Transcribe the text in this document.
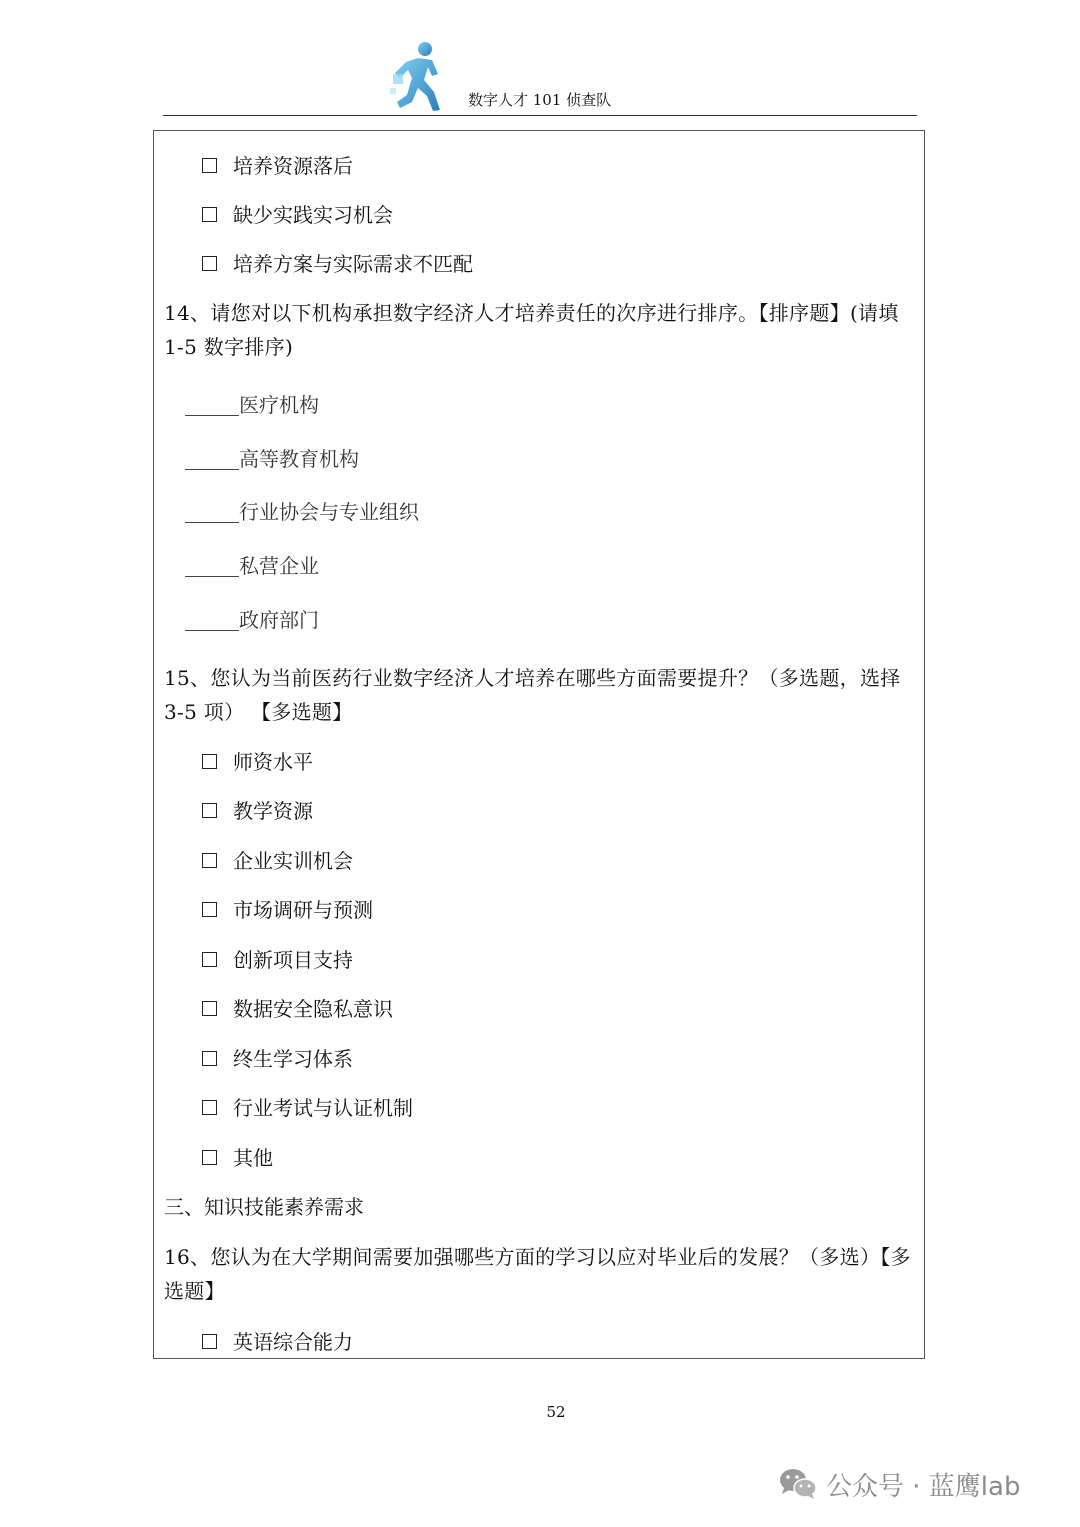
数字人才 101 侦查队
培养资源落后
缺少实践实习机会
培养方案与实际需求不匹配
14、请您对以下机构承担数字经济人才培养责任的次序进行排序。【排序题】(请填 1-5 数字排序)
医疗机构
高等教育机构
行业协会与专业组织
私营企业
政府部门
15、您认为当前医药行业数字经济人才培养在哪些方面需要提升？（多选题，选择 3-5 项） 【多选题】
师资水平
教学资源
企业实训机会
市场调研与预测
创新项目支持
数据安全隐私意识
终生学习体系
行业考试与认证机制
其他
三、知识技能素养需求
16、您认为在大学期间需要加强哪些方面的学习以应对毕业后的发展？（多选）【多选题】
英语综合能力
52
公众号 · 蓝鹰lab
